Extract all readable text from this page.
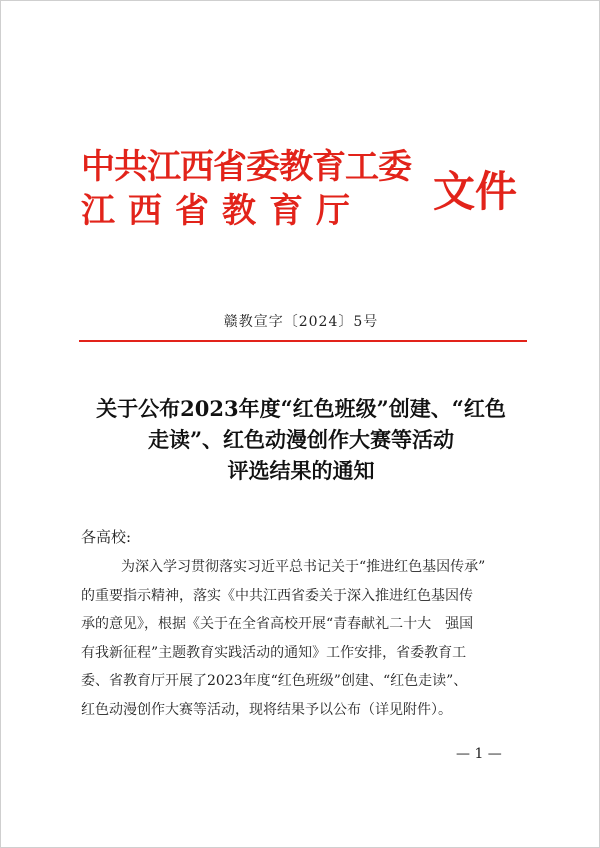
中共江西省委教育工委
江西省教育厅 文件
赣教宣字〔2024〕5号
关于公布2023年度“红色班级”创建、“红色
走读”、红色动漫创作大赛等活动
评选结果的通知
各高校:
为深入学习贯彻落实习近平总书记关于“推进红色基因传承”
的重要指示精神，落实《中共江西省委关于深入推进红色基因传
承的意见》，根据《关于在全省高校开展“青春献礼二十大　强国
有我新征程”主题教育实践活动的通知》工作安排，省委教育工
委、省教育厅开展了2023年度“红色班级”创建、“红色走读”、
红色动漫创作大赛等活动，现将结果予以公布（详见附件）。
— 1 —
